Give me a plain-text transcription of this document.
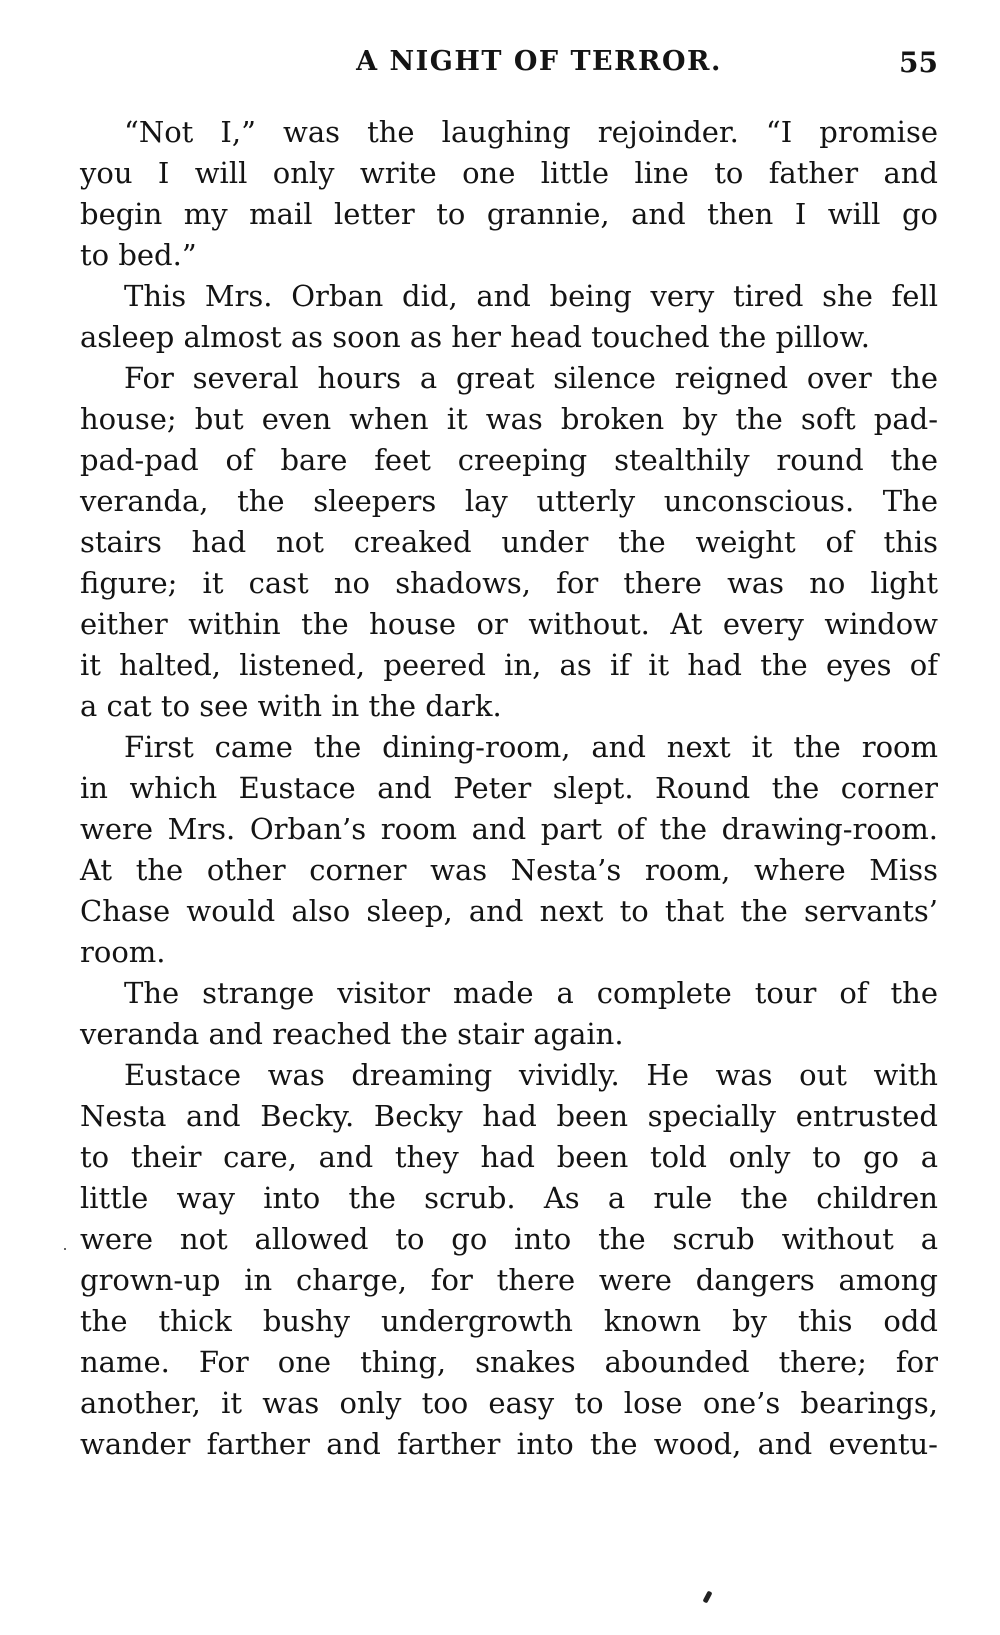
A NIGHT OF TERROR.	55
“Not I,” was the laughing rejoinder. “I promise
you I will only write one little line to father and
begin my mail letter to grannie, and then I will go
to bed.”
This Mrs. Orban did, and being very tired she fell
asleep almost as soon as her head touched the pillow.
For several hours a great silence reigned over the
house; but even when it was broken by the soft pad-
pad-pad of bare feet creeping stealthily round the
veranda, the sleepers lay utterly unconscious. The
stairs had not creaked under the weight of this
figure; it cast no shadows, for there was no light
either within the house or without. At every window
it halted, listened, peered in, as if it had the eyes of
a cat to see with in the dark.
First came the dining-room, and next it the room
in which Eustace and Peter slept. Round the corner
were Mrs. Orban’s room and part of the drawing-room.
At the other corner was Nesta’s room, where Miss
Chase would also sleep, and next to that the servants’
room.
The strange visitor made a complete tour of the
veranda and reached the stair again.
Eustace was dreaming vividly. He was out with
Nesta and Becky. Becky had been specially entrusted
to their care, and they had been told only to go a
little way into the scrub. As a rule the children
were not allowed to go into the scrub without a
grown-up in charge, for there were dangers among
the thick bushy undergrowth known by this odd
name. For one thing, snakes abounded there; for
another, it was only too easy to lose one’s bearings,
wander farther and farther into the wood, and eventu-
